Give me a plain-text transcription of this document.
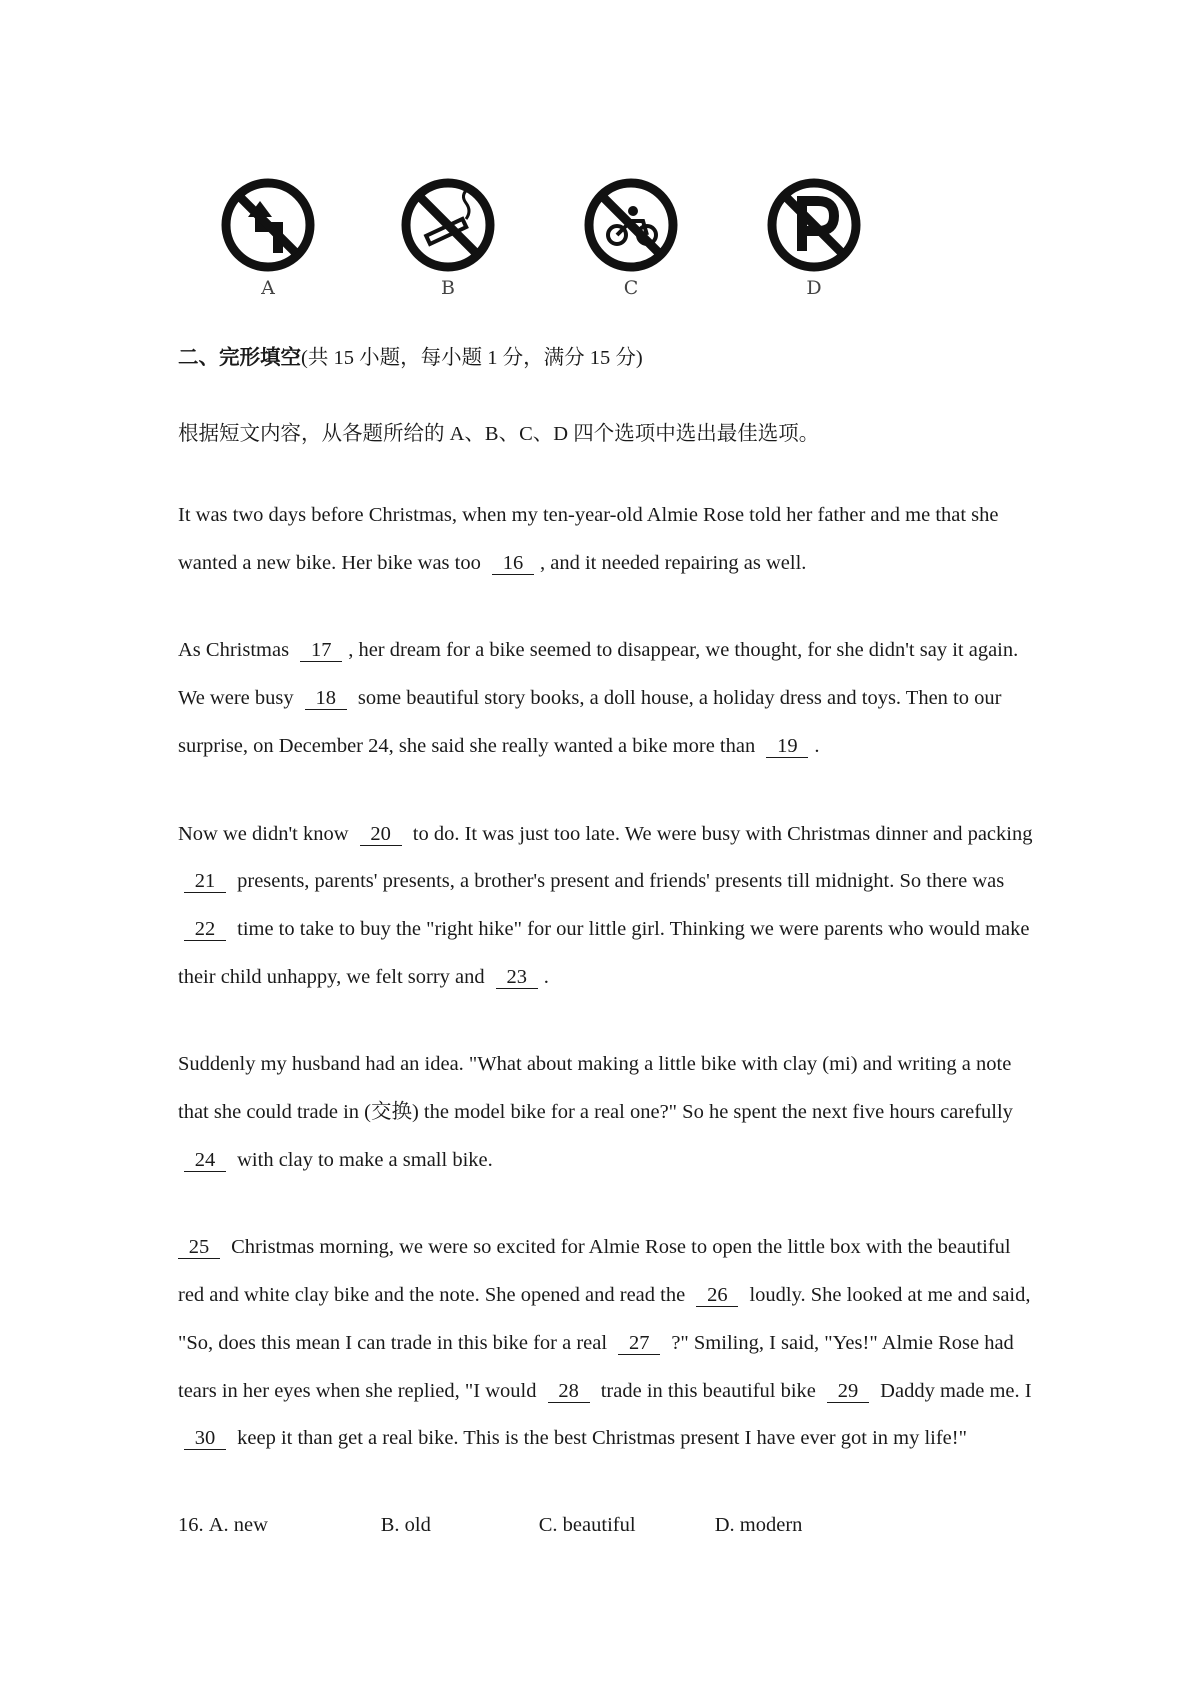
A	B	C	D

二、完形填空(共 15 小题，每小题 1 分，满分 15 分)

根据短文内容，从各题所给的 A、B、C、D 四个选项中选出最佳选项。

It was two days before Christmas, when my ten-year-old Almie Rose told her father and me that she wanted a new bike. Her bike was too 16 , and it needed repairing as well.

As Christmas 17 , her dream for a bike seemed to disappear, we thought, for she didn't say it again. We were busy 18 some beautiful story books, a doll house, a holiday dress and toys. Then to our surprise, on December 24, she said she really wanted a bike more than 19 .

Now we didn't know 20 to do. It was just too late. We were busy with Christmas dinner and packing 21 presents, parents' presents, a brother's present and friends' presents till midnight. So there was 22 time to take to buy the "right hike" for our little girl. Thinking we were parents who would make their child unhappy, we felt sorry and 23 .

Suddenly my husband had an idea. "What about making a little bike with clay (mi) and writing a note that she could trade in (交换) the model bike for a real one?" So he spent the next five hours carefully 24 with clay to make a small bike.

25 Christmas morning, we were so excited for Almie Rose to open the little box with the beautiful red and white clay bike and the note. She opened and read the 26 loudly. She looked at me and said, "So, does this mean I can trade in this bike for a real 27 ?" Smiling, I said, "Yes!" Almie Rose had tears in her eyes when she replied, "I would 28 trade in this beautiful bike 29 Daddy made me. I 30 keep it than get a real bike. This is the best Christmas present I have ever got in my life!"

16. A. new	B. old	C. beautiful	D. modern
